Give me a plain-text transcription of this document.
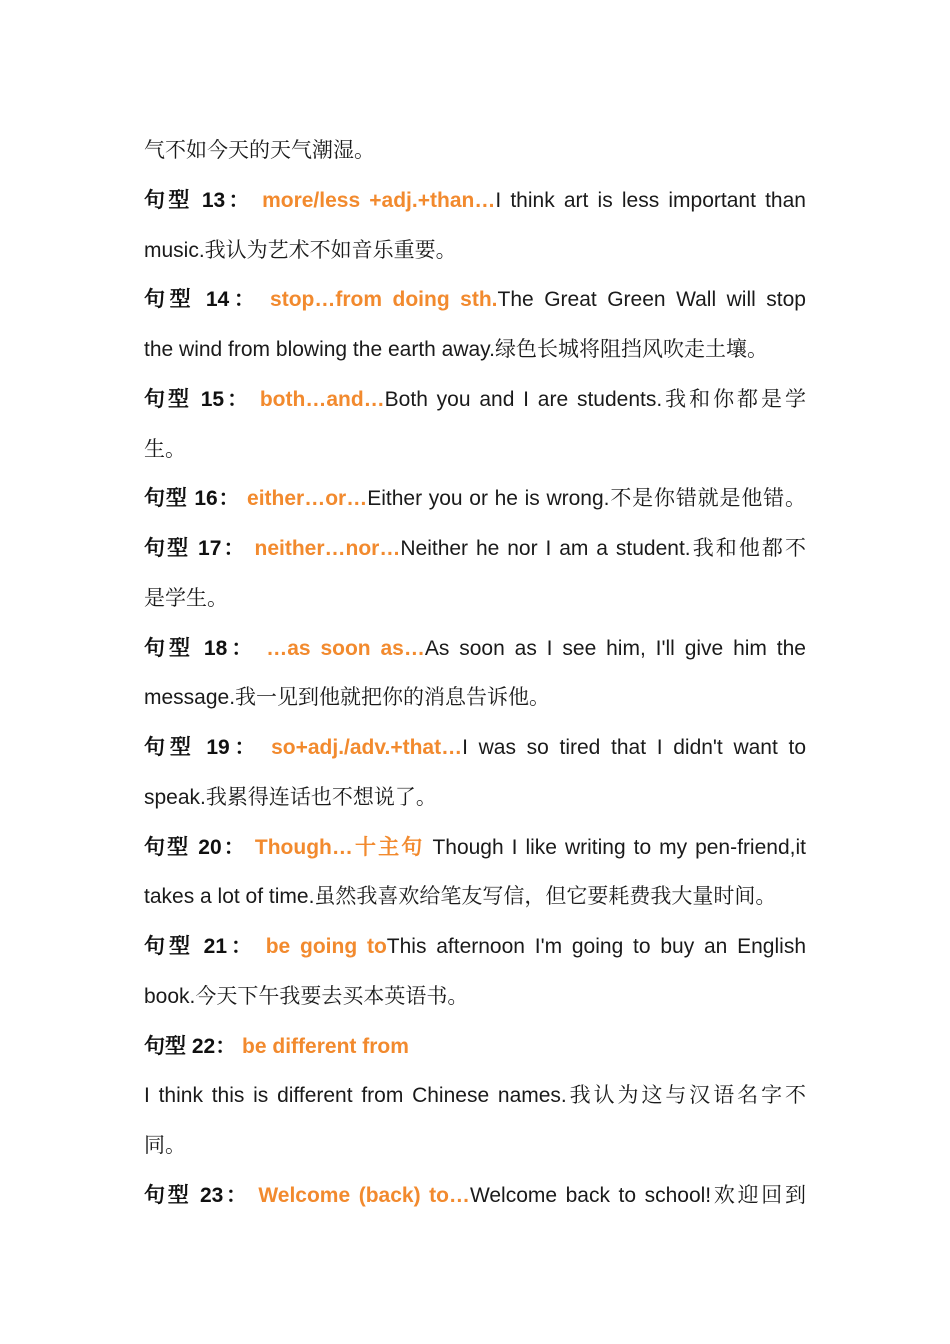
气不如今天的天气潮湿。
句型 13： more/less +adj.+than…I think art is less important than
music.我认为艺术不如音乐重要。
句型 14： stop…from doing sth.The Great Green Wall will stop
the wind from blowing the earth away.绿色长城将阻挡风吹走土壤。
句型 15： both…and…Both you and I are students.我和你都是学
生。
句型 16： either…or…Either you or he is wrong.不是你错就是他错。
句型 17： neither…nor…Neither he nor I am a student.我和他都不
是学生。
句型 18： …as soon as…As soon as I see him, I'll give him the
message.我一见到他就把你的消息告诉他。
句型 19： so+adj./adv.+that…I was so tired that I didn't want to
speak.我累得连话也不想说了。
句型 20： Though…十主句 Though I like writing to my pen-friend,it
takes a lot of time.虽然我喜欢给笔友写信，但它要耗费我大量时间。
句型 21： be going toThis afternoon I'm going to buy an English
book.今天下午我要去买本英语书。
句型 22： be different from
I think this is different from Chinese names.我认为这与汉语名字不
同。
句型 23： Welcome (back) to…Welcome back to school!欢迎回到
